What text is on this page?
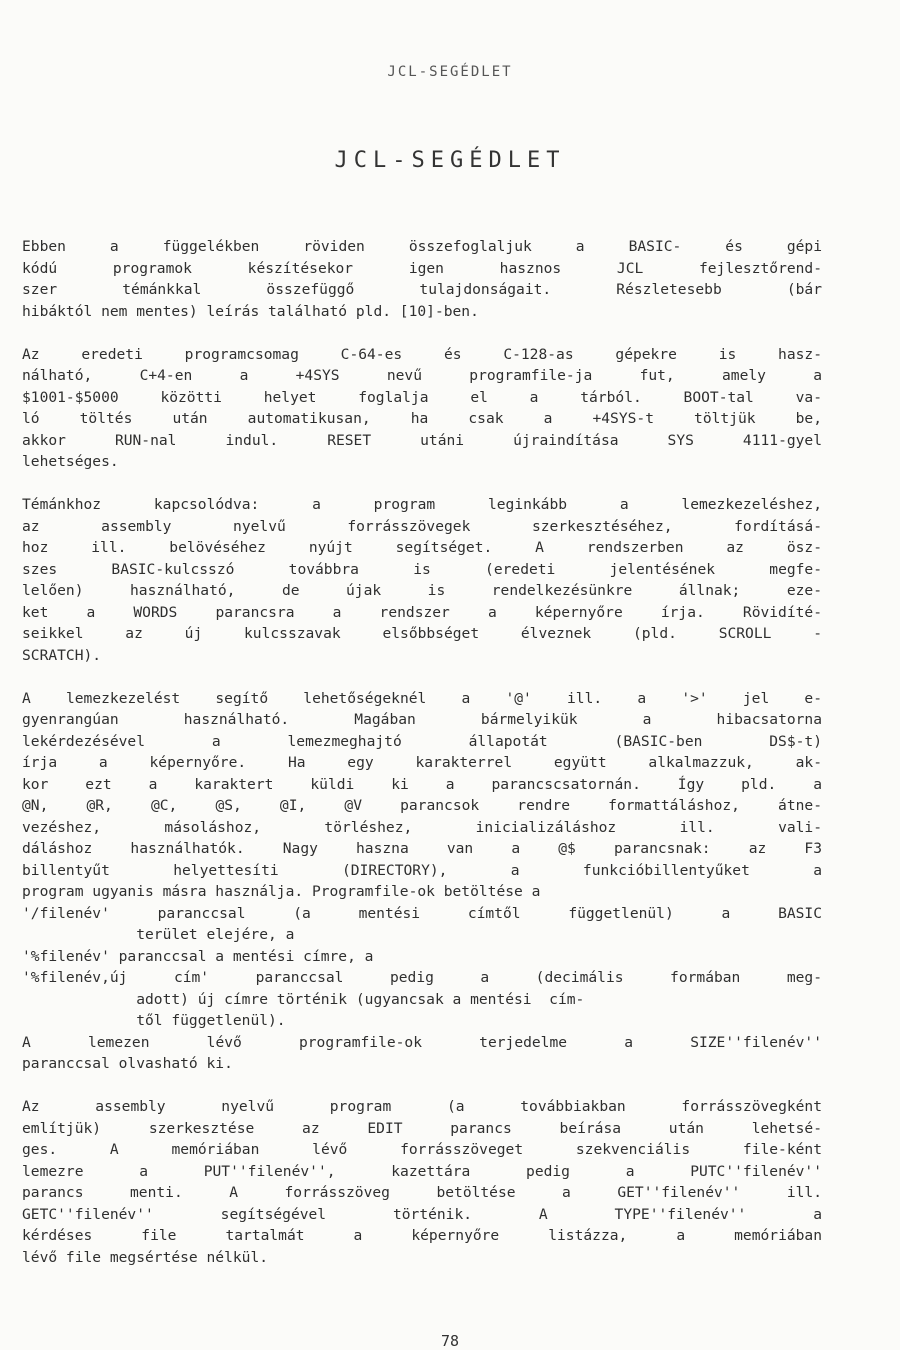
JCL-SEGÉDLET
JCL-SEGÉDLET
Ebben a függelékben röviden összefoglaljuk a BASIC- és gépi
kódú programok készítésekor igen hasznos JCL fejlesztőrend-
szer témánkkal összefüggő tulajdonságait. Részletesebb (bár
hibáktól nem mentes) leírás található pld. [10]-ben.
Az eredeti programcsomag C-64-es és C-128-as gépekre is hasz-
nálható, C+4-en a +4SYS nevű programfile-ja fut, amely a
$1001-$5000 közötti helyet foglalja el a tárból. BOOT-tal va-
ló töltés után automatikusan, ha csak a +4SYS-t töltjük be,
akkor RUN-nal indul. RESET utáni újraindítása SYS 4111-gyel
lehetséges.
Témánkhoz kapcsolódva: a program leginkább a lemezkezeléshez,
az assembly nyelvű forrásszövegek szerkesztéséhez, fordításá-
hoz ill. belövéséhez nyújt segítséget. A rendszerben az ösz-
szes BASIC-kulcsszó továbbra is (eredeti jelentésének megfe-
lelően) használható, de újak is rendelkezésünkre állnak; eze-
ket a WORDS parancsra a rendszer a képernyőre írja. Rövidíté-
seikkel az új kulcsszavak elsőbbséget élveznek (pld. SCROLL -
SCRATCH).
A lemezkezelést segítő lehetőségeknél a '@' ill. a '>' jel e-
gyenrangúan használható. Magában bármelyikük a hibacsatorna
lekérdezésével a lemezmeghajtó állapotát (BASIC-ben DS$-t)
írja a képernyőre. Ha egy karakterrel együtt alkalmazzuk, ak-
kor ezt a karaktert küldi ki a parancscsatornán. Így pld. a
@N, @R, @C, @S, @I, @V parancsok rendre formattáláshoz, átne-
vezéshez, másoláshoz, törléshez, inicializáláshoz ill. vali-
dáláshoz használhatók. Nagy haszna van a @$ parancsnak: az F3
billentyűt helyettesíti (DIRECTORY), a funkcióbillentyűket a
program ugyanis másra használja. Programfile-ok betöltése a
'/filenév' paranccsal (a mentési címtől függetlenül) a BASIC
terület elejére, a
'%filenév' paranccsal a mentési címre, a
'%filenév,új cím' paranccsal pedig a (decimális formában meg-
adott) új címre történik (ugyancsak a mentési  cím-
től függetlenül).
A lemezen lévő programfile-ok terjedelme a SIZE''filenév''
paranccsal olvasható ki.
Az assembly nyelvű program (a továbbiakban forrásszövegként
említjük) szerkesztése az EDIT parancs beírása után lehetsé-
ges. A memóriában lévő forrásszöveget szekvenciális file-ként
lemezre a PUT''filenév'', kazettára pedig a PUTC''filenév''
parancs menti. A forrásszöveg betöltése a GET''filenév'' ill.
GETC''filenév'' segítségével történik. A TYPE''filenév'' a
kérdéses file tartalmát a képernyőre listázza, a memóriában
lévő file megsértése nélkül.
78
